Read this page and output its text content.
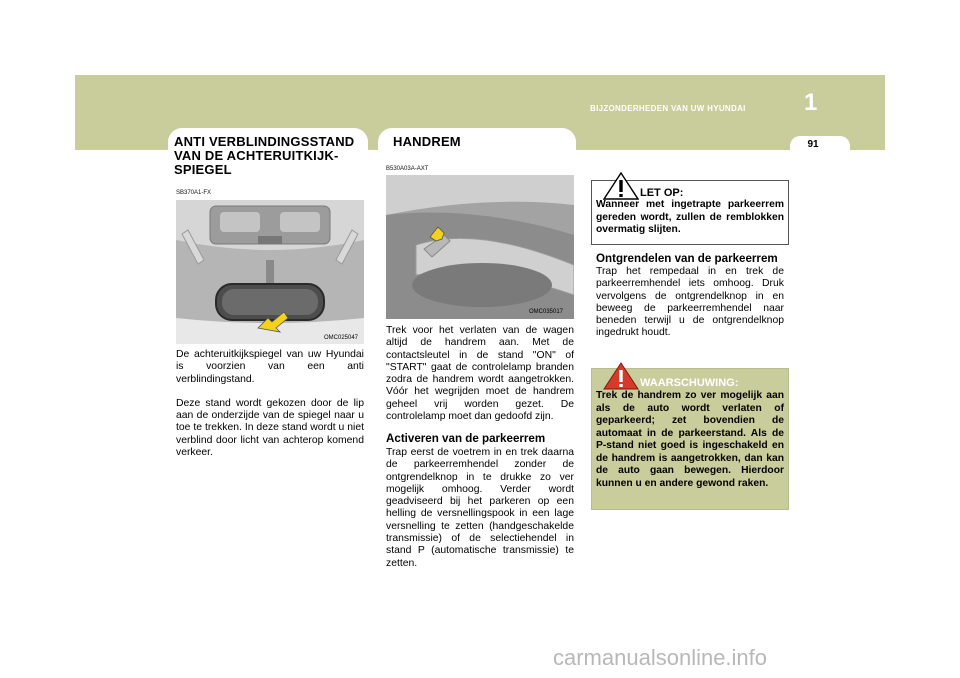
BIJZONDERHEDEN VAN UW HYUNDAI 1
91
ANTI VERBLINDINGSSTAND
VAN DE ACHTERUITKIJK-
SPIEGEL
SB370A1-FX
OMC025047

De achteruitkijkspiegel van uw Hyundai is voorzien van een anti verblindingstand.

Deze stand wordt gekozen door de lip aan de onderzijde van de spiegel naar u toe te trekken. In deze stand wordt u niet verblind door licht van achterop komend verkeer.

HANDREM
B530A03A-AXT
OMC035017
Trek voor het verlaten van de wagen altijd de handrem aan. Met de contactsleutel in de stand "ON" of "START" gaat de controlelamp branden zodra de handrem wordt aangetrokken. Vóór het wegrijden moet de handrem geheel vrij worden gezet. De controlelamp moet dan gedoofd zijn.
Activeren van de parkeerrem
Trap eerst de voetrem in en trek daarna de parkeerremhendel zonder de ontgrendelknop in te drukke zo ver mogelijk omhoog. Verder wordt geadviseerd bij het parkeren op een helling de versnellingspook in een lage versnelling te zetten (handgeschakelde transmissie) of de selectiehendel in stand P (automatische transmissie) te zetten.
LET OP:
Wanneer met ingetrapte parkeerrem gereden wordt, zullen de remblokken overmatig slijten.
Ontgrendelen van de parkeerrem
Trap het rempedaal in en trek de parkeerremhendel iets omhoog. Druk vervolgens de ontgrendelknop in en beweeg de parkeerremhendel naar beneden terwijl u de ontgrendelknop ingedrukt houdt.
WAARSCHUWING:
Trek de handrem zo ver mogelijk aan als de auto wordt verlaten of geparkeerd; zet bovendien de automaat in de parkeerstand. Als de P-stand niet goed is ingeschakeld en de handrem is aangetrokken, dan kan de auto gaan bewegen. Hierdoor kunnen u en andere gewond raken.
carmanualsonline.info
